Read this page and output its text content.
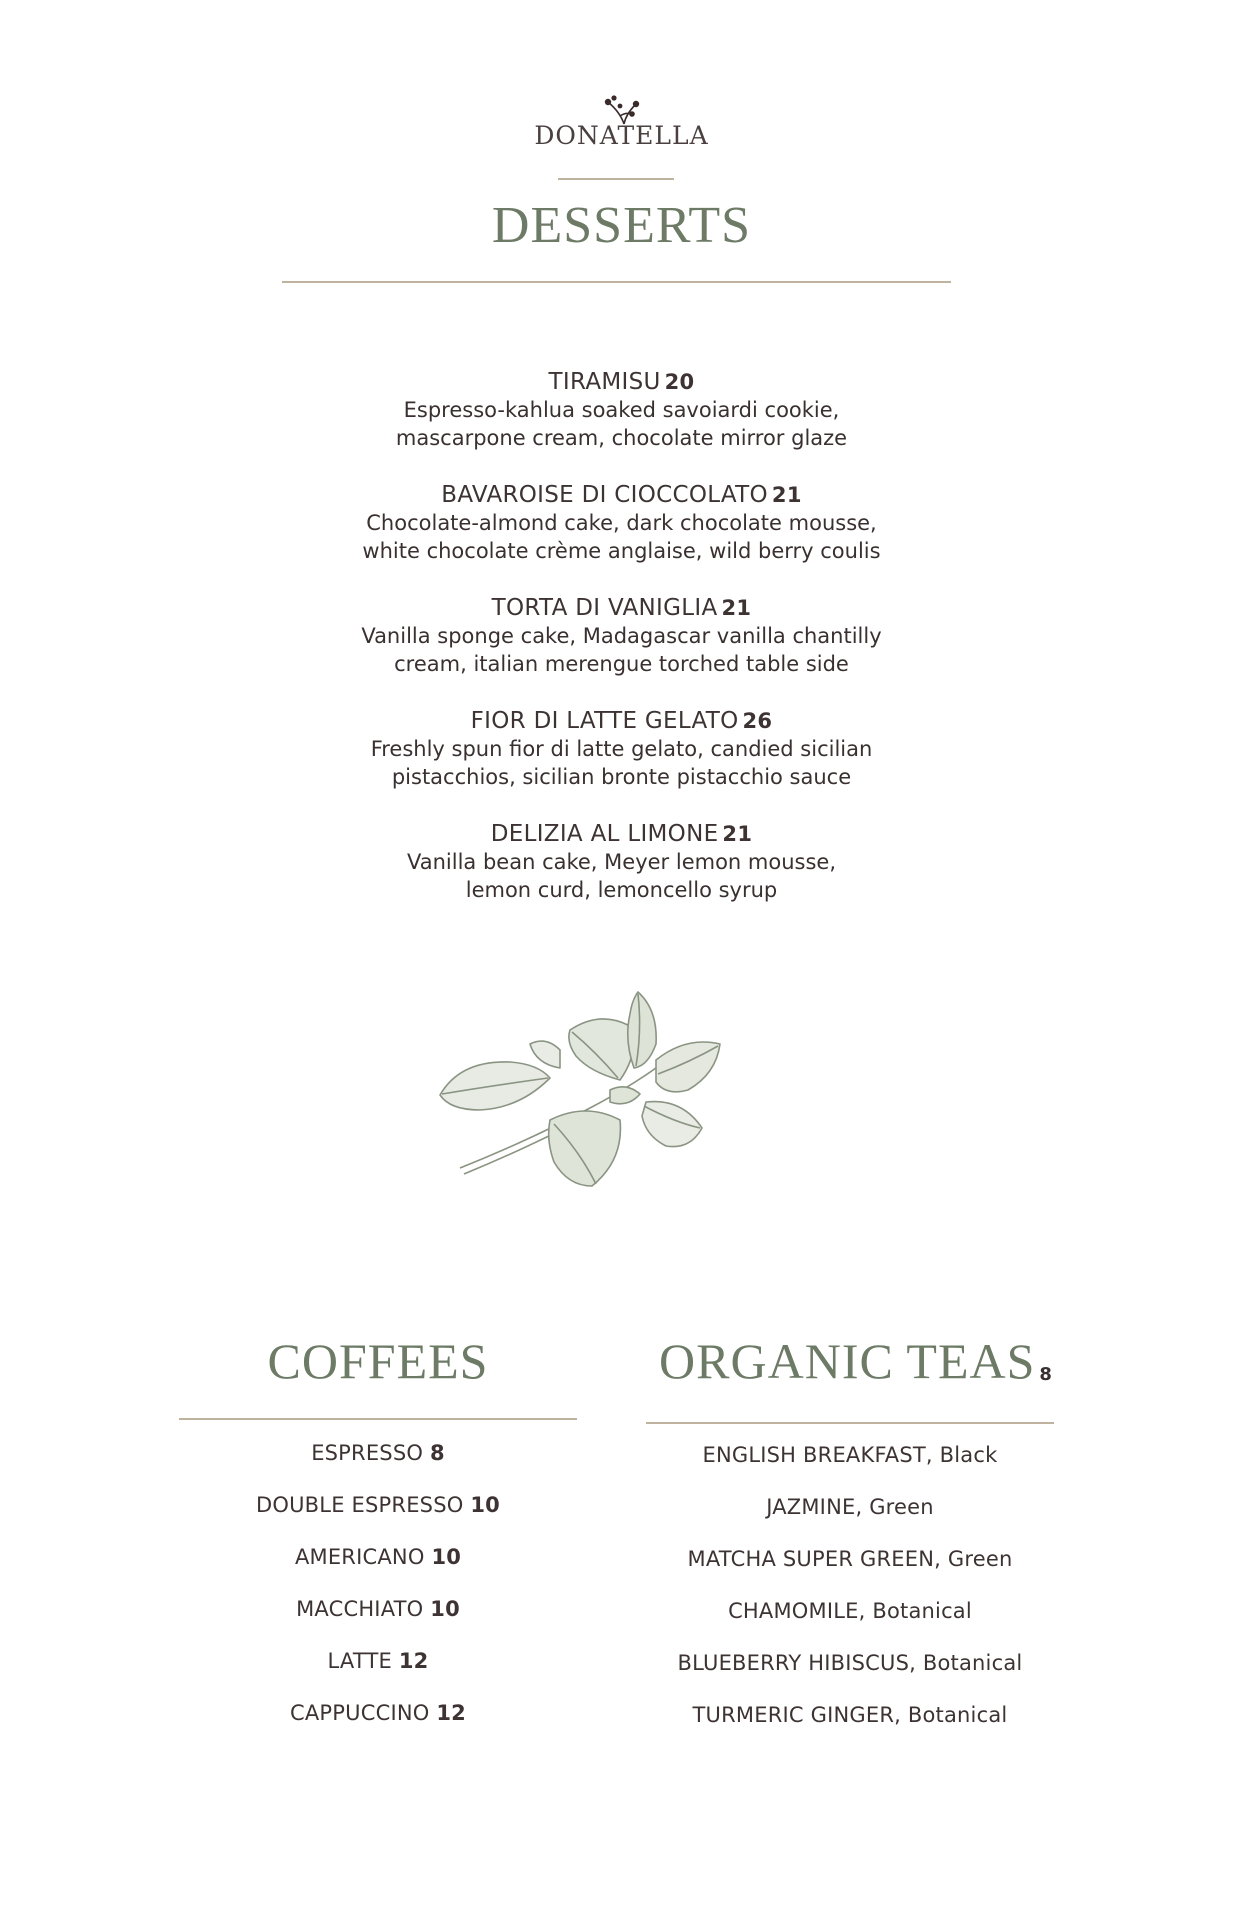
DONATELLA
DESSERTS
TIRAMISU 20
Espresso-kahlua soaked savoiardi cookie,
mascarpone cream, chocolate mirror glaze
BAVAROISE DI CIOCCOLATO 21
Chocolate-almond cake, dark chocolate mousse,
white chocolate crème anglaise, wild berry coulis
TORTA DI VANIGLIA 21
Vanilla sponge cake, Madagascar vanilla chantilly
cream, italian merengue torched table side
FIOR DI LATTE GELATO 26
Freshly spun fior di latte gelato, candied sicilian
pistacchios, sicilian bronte pistacchio sauce
DELIZIA AL LIMONE 21
Vanilla bean cake, Meyer lemon mousse,
lemon curd, lemoncello syrup
COFFEES
ESPRESSO 8
DOUBLE ESPRESSO 10
AMERICANO 10
MACCHIATO 10
LATTE 12
CAPPUCCINO 12
ORGANIC TEAS $_8$
ENGLISH BREAKFAST, Black
JAZMINE, Green
MATCHA SUPER GREEN, Green
CHAMOMILE, Botanical
BLUEBERRY HIBISCUS, Botanical
TURMERIC GINGER, Botanical
